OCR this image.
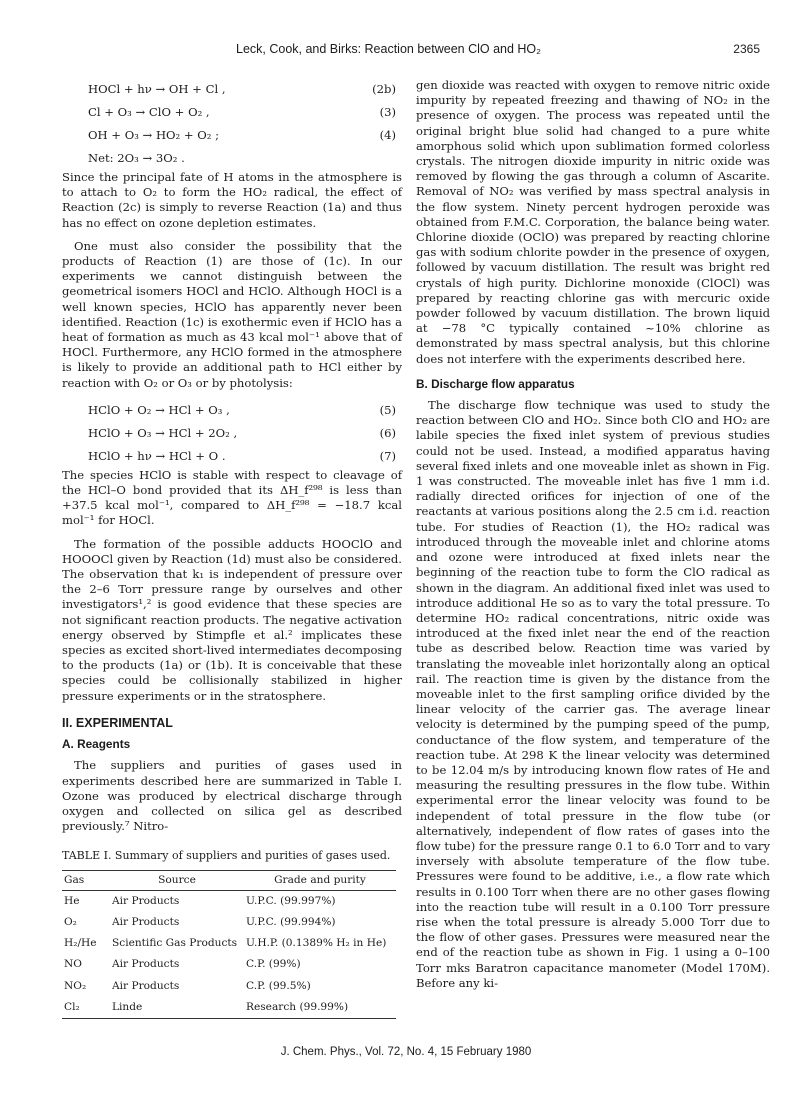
Leck, Cook, and Birks: Reaction between ClO and HO₂	2365
HOCl + hν → OH + Cl ,	(2b)
Cl + O₃ → ClO + O₂ ,	(3)
OH + O₃ → HO₂ + O₂ ;	(4)
Net: 2O₃ → 3O₂ .

Since the principal fate of H atoms in the atmosphere is to attach to O₂ to form the HO₂ radical, the effect of Reaction (2c) is simply to reverse Reaction (1a) and thus has no effect on ozone depletion estimates.

One must also consider the possibility that the products of Reaction (1) are those of (1c). In our experiments we cannot distinguish between the geometrical isomers HOCl and HClO. Although HOCl is a well known species, HClO has apparently never been identified. Reaction (1c) is exothermic even if HClO has a heat of formation as much as 43 kcal mol⁻¹ above that of HOCl. Furthermore, any HClO formed in the atmosphere is likely to provide an additional path to HCl either by reaction with O₂ or O₃ or by photolysis:

HClO + O₂ → HCl + O₃ ,	(5)
HClO + O₃ → HCl + 2O₂ ,	(6)
HClO + hν → HCl + O .	(7)

The species HClO is stable with respect to cleavage of the HCl–O bond provided that its ΔH_f²⁹⁸ is less than +37.5 kcal mol⁻¹, compared to ΔH_f²⁹⁸ = −18.7 kcal mol⁻¹ for HOCl.

The formation of the possible adducts HOOClO and HOOOCl given by Reaction (1d) must also be considered. The observation that k₁ is independent of pressure over the 2–6 Torr pressure range by ourselves and other investigators¹,² is good evidence that these species are not significant reaction products. The negative activation energy observed by Stimpfle et al.² implicates these species as excited short-lived intermediates decomposing to the products (1a) or (1b). It is conceivable that these species could be collisionally stabilized in higher pressure experiments or in the stratosphere.

II. EXPERIMENTAL
A. Reagents

The suppliers and purities of gases used in experiments described here are summarized in Table I. Ozone was produced by electrical discharge through oxygen and collected on silica gel as described previously.⁷ Nitro-

TABLE I. Summary of suppliers and purities of gases used.
Gas	Source	Grade and purity
He	Air Products	U.P.C. (99.997%)
O₂	Air Products	U.P.C. (99.994%)
H₂/He	Scientific Gas Products	U.H.P. (0.1389% H₂ in He)
NO	Air Products	C.P. (99%)
NO₂	Air Products	C.P. (99.5%)
Cl₂	Linde	Research (99.99%)

gen dioxide was reacted with oxygen to remove nitric oxide impurity by repeated freezing and thawing of NO₂ in the presence of oxygen. The process was repeated until the original bright blue solid had changed to a pure white amorphous solid which upon sublimation formed colorless crystals. The nitrogen dioxide impurity in nitric oxide was removed by flowing the gas through a column of Ascarite. Removal of NO₂ was verified by mass spectral analysis in the flow system. Ninety percent hydrogen peroxide was obtained from F.M.C. Corporation, the balance being water. Chlorine dioxide (OClO) was prepared by reacting chlorine gas with sodium chlorite powder in the presence of oxygen, followed by vacuum distillation. The result was bright red crystals of high purity. Dichlorine monoxide (ClOCl) was prepared by reacting chlorine gas with mercuric oxide powder followed by vacuum distillation. The brown liquid at −78 °C typically contained ~10% chlorine as demonstrated by mass spectral analysis, but this chlorine does not interfere with the experiments described here.

B. Discharge flow apparatus

The discharge flow technique was used to study the reaction between ClO and HO₂. Since both ClO and HO₂ are labile species the fixed inlet system of previous studies could not be used. Instead, a modified apparatus having several fixed inlets and one moveable inlet as shown in Fig. 1 was constructed. The moveable inlet has five 1 mm i.d. radially directed orifices for injection of one of the reactants at various positions along the 2.5 cm i.d. reaction tube. For studies of Reaction (1), the HO₂ radical was introduced through the moveable inlet and chlorine atoms and ozone were introduced at fixed inlets near the beginning of the reaction tube to form the ClO radical as shown in the diagram. An additional fixed inlet was used to introduce additional He so as to vary the total pressure. To determine HO₂ radical concentrations, nitric oxide was introduced at the fixed inlet near the end of the reaction tube as described below. Reaction time was varied by translating the moveable inlet horizontally along an optical rail. The reaction time is given by the distance from the moveable inlet to the first sampling orifice divided by the linear velocity of the carrier gas. The average linear velocity is determined by the pumping speed of the pump, conductance of the flow system, and temperature of the reaction tube. At 298 K the linear velocity was determined to be 12.04 m/s by introducing known flow rates of He and measuring the resulting pressures in the flow tube. Within experimental error the linear velocity was found to be independent of total pressure in the flow tube (or alternatively, independent of flow rates of gases into the flow tube) for the pressure range 0.1 to 6.0 Torr and to vary inversely with absolute temperature of the flow tube. Pressures were found to be additive, i.e., a flow rate which results in 0.100 Torr when there are no other gases flowing into the reaction tube will result in a 0.100 Torr pressure rise when the total pressure is already 5.000 Torr due to the flow of other gases. Pressures were measured near the end of the reaction tube as shown in Fig. 1 using a 0–100 Torr mks Baratron capacitance manometer (Model 170M). Before any ki-

J. Chem. Phys., Vol. 72, No. 4, 15 February 1980
